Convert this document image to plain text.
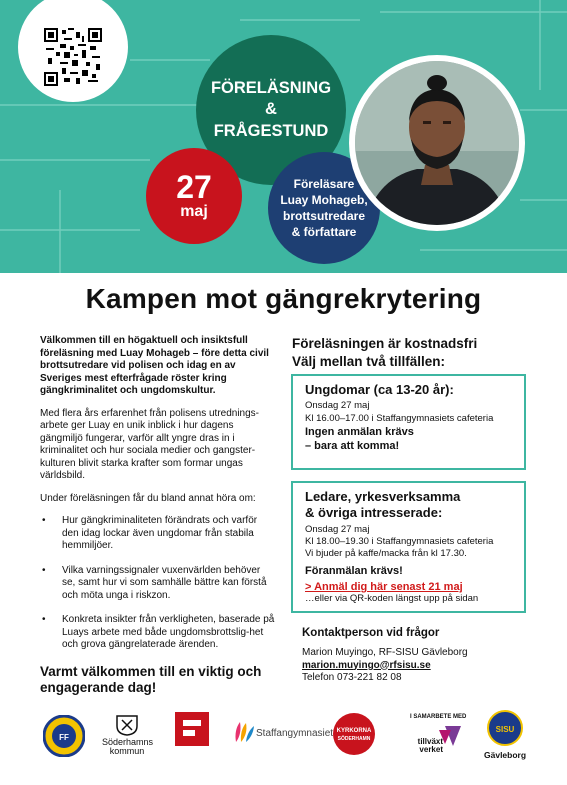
FÖRELÄSNING
&
FRÅGESTUND
27
maj
Föreläsare
Luay Mohageb,
brottsutredare
& författare
Kampen mot gängrekrytering

Välkommen till en högaktuell och insiktsfull föreläsning med Luay Mohageb – före detta civil brottsutredare vid polisen och idag en av Sveriges mest efterfrågade röster kring gängkriminalitet och ungdomskultur.

Med flera års erfarenhet från polisens utrednings-arbete ger Luay en unik inblick i hur dagens gängmiljö fungerar, varför allt yngre dras in i kriminalitet och hur sociala medier och gangster-kulturen blivit starka krafter som formar ungas världsbild.

Under föreläsningen får du bland annat höra om:

• Hur gängkriminaliteten förändrats och varför den idag lockar även ungdomar från stabila hemmiljöer.
• Vilka varningssignaler vuxenvärlden behöver se, samt hur vi som samhälle bättre kan förstå och möta unga i riskzon.
• Konkreta insikter från verkligheten, baserade på Luays arbete med både ungdomsbrottslig-het och grova gängrelaterade ärenden.

Varmt välkommen till en viktig och engagerande dag!

Föreläsningen är kostnadsfri
Välj mellan två tillfällen:
Ungdomar (ca 13-20 år):
Onsdag 27 maj
Kl 16.00–17.00 i Staffangymnasiets cafeteria
Ingen anmälan krävs
– bara att komma!
Ledare, yrkesverksamma
& övriga intresserade:
Onsdag 27 maj
Kl 18.00–19.30 i Staffangymnasiets cafeteria
Vi bjuder på kaffe/macka från kl 17.30.
Föranmälan krävs!
> Anmäl dig här senast 21 maj
…eller via QR-koden längst upp på sidan
Kontaktperson vid frågor
Marion Muyingo, RF-SISU Gävleborg
marion.muyingo@rfsisu.se
Telefon 073-221 82 08
FF	Söderhamns kommun
Staffangymnasiet KYRKORNA
SÖDERHAMN
I SAMARBETE MED
tillväxt verket
SISU
Gävleborg
